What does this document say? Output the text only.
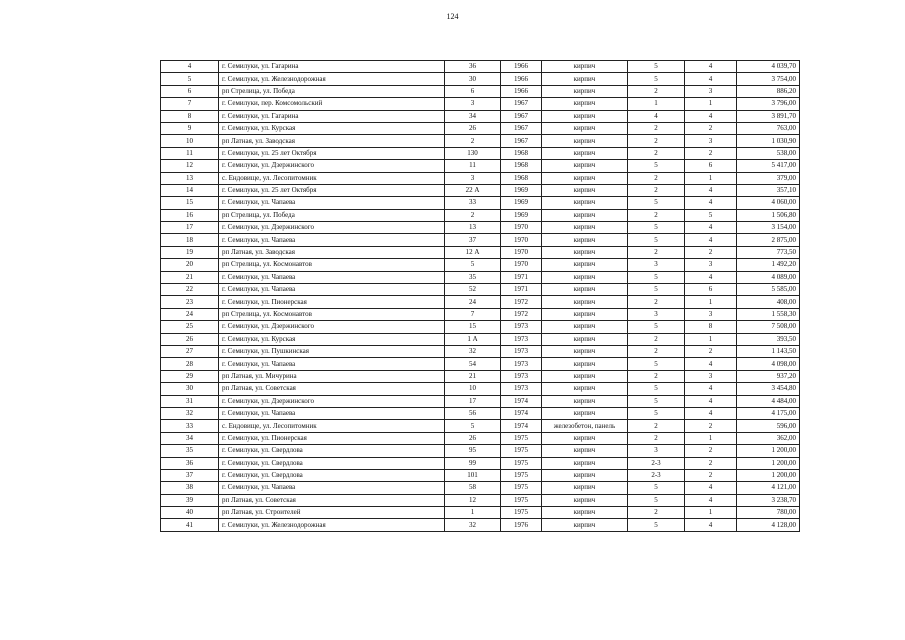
124
4	г. Семилуки, ул. Гагарина	36	1966	кирпич	5	4	4 039,70
5	г. Семилуки, ул. Железнодорожная	30	1966	кирпич	5	4	3 754,00
6	рп Стрелица, ул. Победа	6	1966	кирпич	2	3	886,20
7	г. Семилуки, пер. Комсомольский	3	1967	кирпич	1	1	3 796,00
8	г. Семилуки, ул. Гагарина	34	1967	кирпич	4	4	3 891,70
9	г. Семилуки, ул. Курская	26	1967	кирпич	2	2	763,00
10	рп Латная, ул. Заводская	2	1967	кирпич	2	3	1 030,90
11	г. Семилуки, ул. 25 лет Октября	130	1968	кирпич	2	2	538,00
12	г. Семилуки, ул. Дзержинского	11	1968	кирпич	5	6	5 417,00
13	с. Ендовище, ул. Лесопитомник	3	1968	кирпич	2	1	379,00
14	г. Семилуки, ул. 25 лет Октября	22 А	1969	кирпич	2	4	357,10
15	г. Семилуки, ул. Чапаева	33	1969	кирпич	5	4	4 060,00
16	рп Стрелица, ул. Победа	2	1969	кирпич	2	5	1 506,80
17	г. Семилуки, ул. Дзержинского	13	1970	кирпич	5	4	3 154,00
18	г. Семилуки, ул. Чапаева	37	1970	кирпич	5	4	2 875,00
19	рп Латная, ул. Заводская	12 А	1970	кирпич	2	2	773,50
20	рп Стрелица, ул. Космонавтов	5	1970	кирпич	3	3	1 492,20
21	г. Семилуки, ул. Чапаева	35	1971	кирпич	5	4	4 089,00
22	г. Семилуки, ул. Чапаева	52	1971	кирпич	5	6	5 585,00
23	г. Семилуки, ул. Пионерская	24	1972	кирпич	2	1	408,00
24	рп Стрелица, ул. Космонавтов	7	1972	кирпич	3	3	1 558,30
25	г. Семилуки, ул. Дзержинского	15	1973	кирпич	5	8	7 508,00
26	г. Семилуки, ул. Курская	1 А	1973	кирпич	2	1	393,50
27	г. Семилуки, ул. Пушкинская	32	1973	кирпич	2	2	1 143,50
28	г. Семилуки, ул. Чапаева	54	1973	кирпич	5	4	4 098,00
29	рп Латная, ул. Мичурина	21	1973	кирпич	2	3	937,20
30	рп Латная, ул. Советская	10	1973	кирпич	5	4	3 454,80
31	г. Семилуки, ул. Дзержинского	17	1974	кирпич	5	4	4 484,00
32	г. Семилуки, ул. Чапаева	56	1974	кирпич	5	4	4 175,00
33	с. Ендовище, ул. Лесопитомник	5	1974	железобетон, панель	2	2	596,00
34	г. Семилуки, ул. Пионерская	26	1975	кирпич	2	1	362,00
35	г. Семилуки, ул. Свердлова	95	1975	кирпич	3	2	1 200,00
36	г. Семилуки, ул. Свердлова	99	1975	кирпич	2-3	2	1 200,00
37	г. Семилуки, ул. Свердлова	101	1975	кирпич	2-3	2	1 200,00
38	г. Семилуки, ул. Чапаева	58	1975	кирпич	5	4	4 121,00
39	рп Латная, ул. Советская	12	1975	кирпич	5	4	3 238,70
40	рп Латная, ул. Строителей	1	1975	кирпич	2	1	780,00
41	г. Семилуки, ул. Железнодорожная	32	1976	кирпич	5	4	4 128,00
